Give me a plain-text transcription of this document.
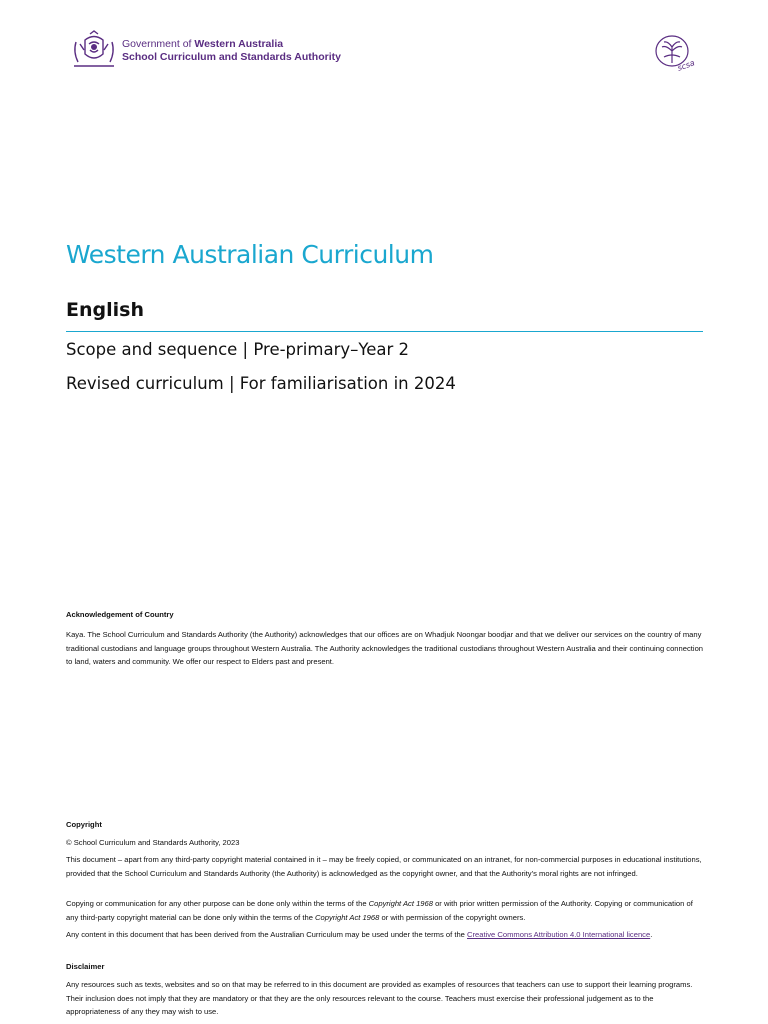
Government of Western Australia
School Curriculum and Standards Authority
scsa
Western Australian Curriculum
English
Scope and sequence | Pre-primary–Year 2
Revised curriculum | For familiarisation in 2024
Acknowledgement of Country
Kaya. The School Curriculum and Standards Authority (the Authority) acknowledges that our offices are on Whadjuk Noongar boodjar and that we deliver our services on the country of many traditional custodians and language groups throughout Western Australia. The Authority acknowledges the traditional custodians throughout Western Australia and their continuing connection to land, waters and community. We offer our respect to Elders past and present.
Copyright
© School Curriculum and Standards Authority, 2023
This document – apart from any third-party copyright material contained in it – may be freely copied, or communicated on an intranet, for non-commercial purposes in educational institutions, provided that the School Curriculum and Standards Authority (the Authority) is acknowledged as the copyright owner, and that the Authority’s moral rights are not infringed.
Copying or communication for any other purpose can be done only within the terms of the Copyright Act 1968 or with prior written permission of the Authority. Copying or communication of any third-party copyright material can be done only within the terms of the Copyright Act 1968 or with permission of the copyright owners.
Any content in this document that has been derived from the Australian Curriculum may be used under the terms of the Creative Commons Attribution 4.0 International licence.
Disclaimer
Any resources such as texts, websites and so on that may be referred to in this document are provided as examples of resources that teachers can use to support their learning programs. Their inclusion does not imply that they are mandatory or that they are the only resources relevant to the course. Teachers must exercise their professional judgement as to the appropriateness of any they may wish to use.
